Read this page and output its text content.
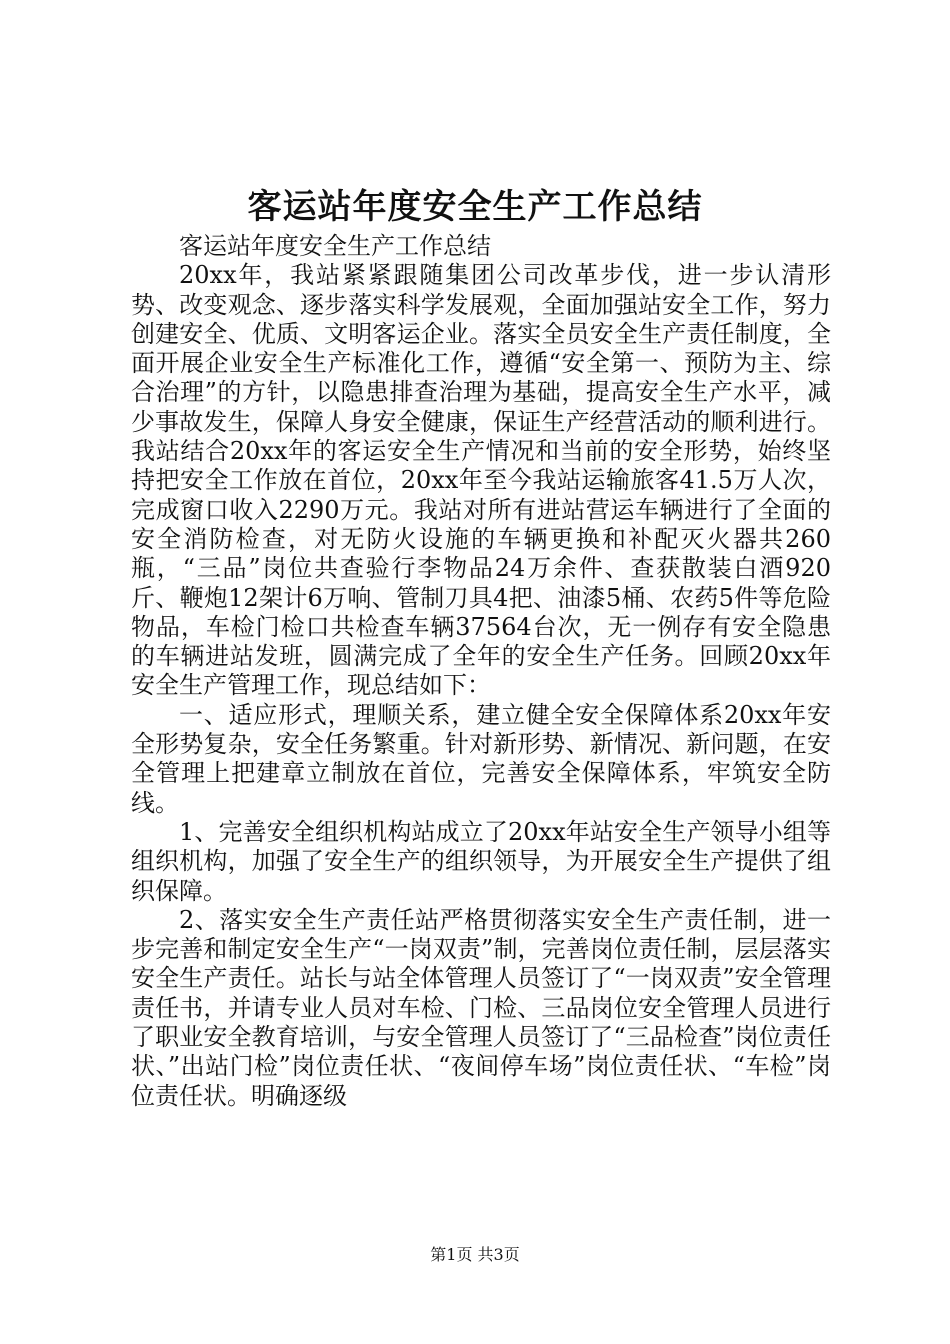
客运站年度安全生产工作总结

客运站年度安全生产工作总结

20xx年，我站紧紧跟随集团公司改革步伐，进一步认清形势、改变观念、逐步落实科学发展观，全面加强站安全工作，努力创建安全、优质、文明客运企业。落实全员安全生产责任制度，全面开展企业安全生产标准化工作，遵循“安全第一、预防为主、综合治理”的方针，以隐患排查治理为基础，提高安全生产水平，减少事故发生，保障人身安全健康，保证生产经营活动的顺利进行。我站结合20xx年的客运安全生产情况和当前的安全形势，始终坚持把安全工作放在首位，20xx年至今我站运输旅客41.5万人次，完成窗口收入2290万元。我站对所有进站营运车辆进行了全面的安全消防检查，对无防火设施的车辆更换和补配灭火器共260瓶，“三品”岗位共查验行李物品24万余件、查获散装白酒920斤、鞭炮12架计6万响、管制刀具4把、油漆5桶、农药5件等危险物品，车检门检口共检查车辆37564台次，无一例存有安全隐患的车辆进站发班，圆满完成了全年的安全生产任务。回顾20xx年安全生产管理工作，现总结如下：

一、适应形式，理顺关系，建立健全安全保障体系20xx年安全形势复杂，安全任务繁重。针对新形势、新情况、新问题，在安全管理上把建章立制放在首位，完善安全保障体系，牢筑安全防线。

1、完善安全组织机构站成立了20xx年站安全生产领导小组等组织机构，加强了安全生产的组织领导，为开展安全生产提供了组织保障。

2、落实安全生产责任站严格贯彻落实安全生产责任制，进一步完善和制定安全生产“一岗双责”制，完善岗位责任制，层层落实安全生产责任。站长与站全体管理人员签订了“一岗双责”安全管理责任书，并请专业人员对车检、门检、三品岗位安全管理人员进行了职业安全教育培训，与安全管理人员签订了“三品检查”岗位责任状、”出站门检”岗位责任状、“夜间停车场”岗位责任状、“车检”岗位责任状。明确逐级

第1页 共3页
